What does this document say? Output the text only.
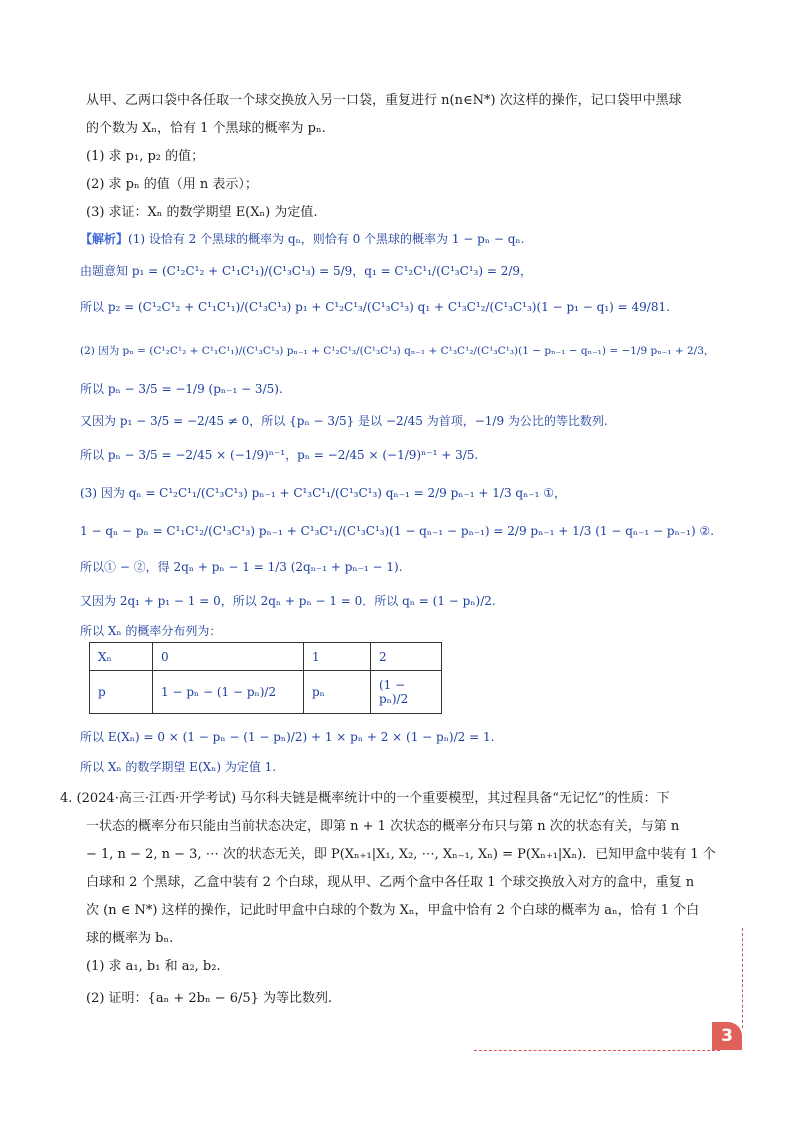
从甲、乙两口袋中各任取一个球交换放入另一口袋，重复进行 n(n∈N*) 次这样的操作，记口袋甲中黑球
的个数为 Xₙ，恰有 1 个黑球的概率为 pₙ.
(1) 求 p₁, p₂ 的值；
(2) 求 pₙ 的值（用 n 表示）；
(3) 求证：Xₙ 的数学期望 E(Xₙ) 为定值.
【解析】(1) 设恰有 2 个黑球的概率为 qₙ，则恰有 0 个黑球的概率为 1 − pₙ − qₙ.
由题意知 p₁ = (C¹₂C¹₂ + C¹₁C¹₁)/(C¹₃C¹₃) = 5/9，q₁ = C¹₂C¹₁/(C¹₃C¹₃) = 2/9，
所以 p₂ = (C¹₂C¹₂ + C¹₁C¹₁)/(C¹₃C¹₃) p₁ + C¹₂C¹₃/(C¹₃C¹₃) q₁ + C¹₃C¹₂/(C¹₃C¹₃)(1 − p₁ − q₁) = 49/81.
(2) 因为 pₙ = (C¹₂C¹₂ + C¹₁C¹₁)/(C¹₃C¹₃) pₙ₋₁ + C¹₂C¹₃/(C¹₃C¹₃) qₙ₋₁ + C¹₃C¹₂/(C¹₃C¹₃)(1 − pₙ₋₁ − qₙ₋₁) = −1/9 pₙ₋₁ + 2/3，
所以 pₙ − 3/5 = −1/9 (pₙ₋₁ − 3/5).
又因为 p₁ − 3/5 = −2/45 ≠ 0，所以 {pₙ − 3/5} 是以 −2/45 为首项，−1/9 为公比的等比数列.
所以 pₙ − 3/5 = −2/45 × (−1/9)ⁿ⁻¹，pₙ = −2/45 × (−1/9)ⁿ⁻¹ + 3/5.
(3) 因为 qₙ = C¹₂C¹₁/(C¹₃C¹₃) pₙ₋₁ + C¹₃C¹₁/(C¹₃C¹₃) qₙ₋₁ = 2/9 pₙ₋₁ + 1/3 qₙ₋₁ ①，
1 − qₙ − pₙ = C¹₁C¹₂/(C¹₃C¹₃) pₙ₋₁ + C¹₃C¹₁/(C¹₃C¹₃)(1 − qₙ₋₁ − pₙ₋₁) = 2/9 pₙ₋₁ + 1/3 (1 − qₙ₋₁ − pₙ₋₁) ②.
所以① − ②，得 2qₙ + pₙ − 1 = 1/3 (2qₙ₋₁ + pₙ₋₁ − 1).
又因为 2q₁ + p₁ − 1 = 0，所以 2qₙ + pₙ − 1 = 0．所以 qₙ = (1 − pₙ)/2.
所以 Xₙ 的概率分布列为：
Xₙ	0	1	2
p	1 − pₙ − (1 − pₙ)/2	pₙ	(1 − pₙ)/2
所以 E(Xₙ) = 0 × (1 − pₙ − (1 − pₙ)/2) + 1 × pₙ + 2 × (1 − pₙ)/2 = 1.
所以 Xₙ 的数学期望 E(Xₙ) 为定值 1.
4. (2024·高三·江西·开学考试) 马尔科夫链是概率统计中的一个重要模型，其过程具备“无记忆”的性质：下
一状态的概率分布只能由当前状态决定，即第 n + 1 次状态的概率分布只与第 n 次的状态有关，与第 n
− 1, n − 2, n − 3, ⋯ 次的状态无关，即 P(Xₙ₊₁|X₁, X₂, ⋯, Xₙ₋₁, Xₙ) = P(Xₙ₊₁|Xₙ)．已知甲盒中装有 1 个
白球和 2 个黑球，乙盒中装有 2 个白球，现从甲、乙两个盒中各任取 1 个球交换放入对方的盒中，重复 n
次 (n ∈ N*) 这样的操作，记此时甲盒中白球的个数为 Xₙ，甲盒中恰有 2 个白球的概率为 aₙ，恰有 1 个白
球的概率为 bₙ.
(1) 求 a₁, b₁ 和 a₂, b₂.
(2) 证明：{aₙ + 2bₙ − 6/5} 为等比数列.
3
